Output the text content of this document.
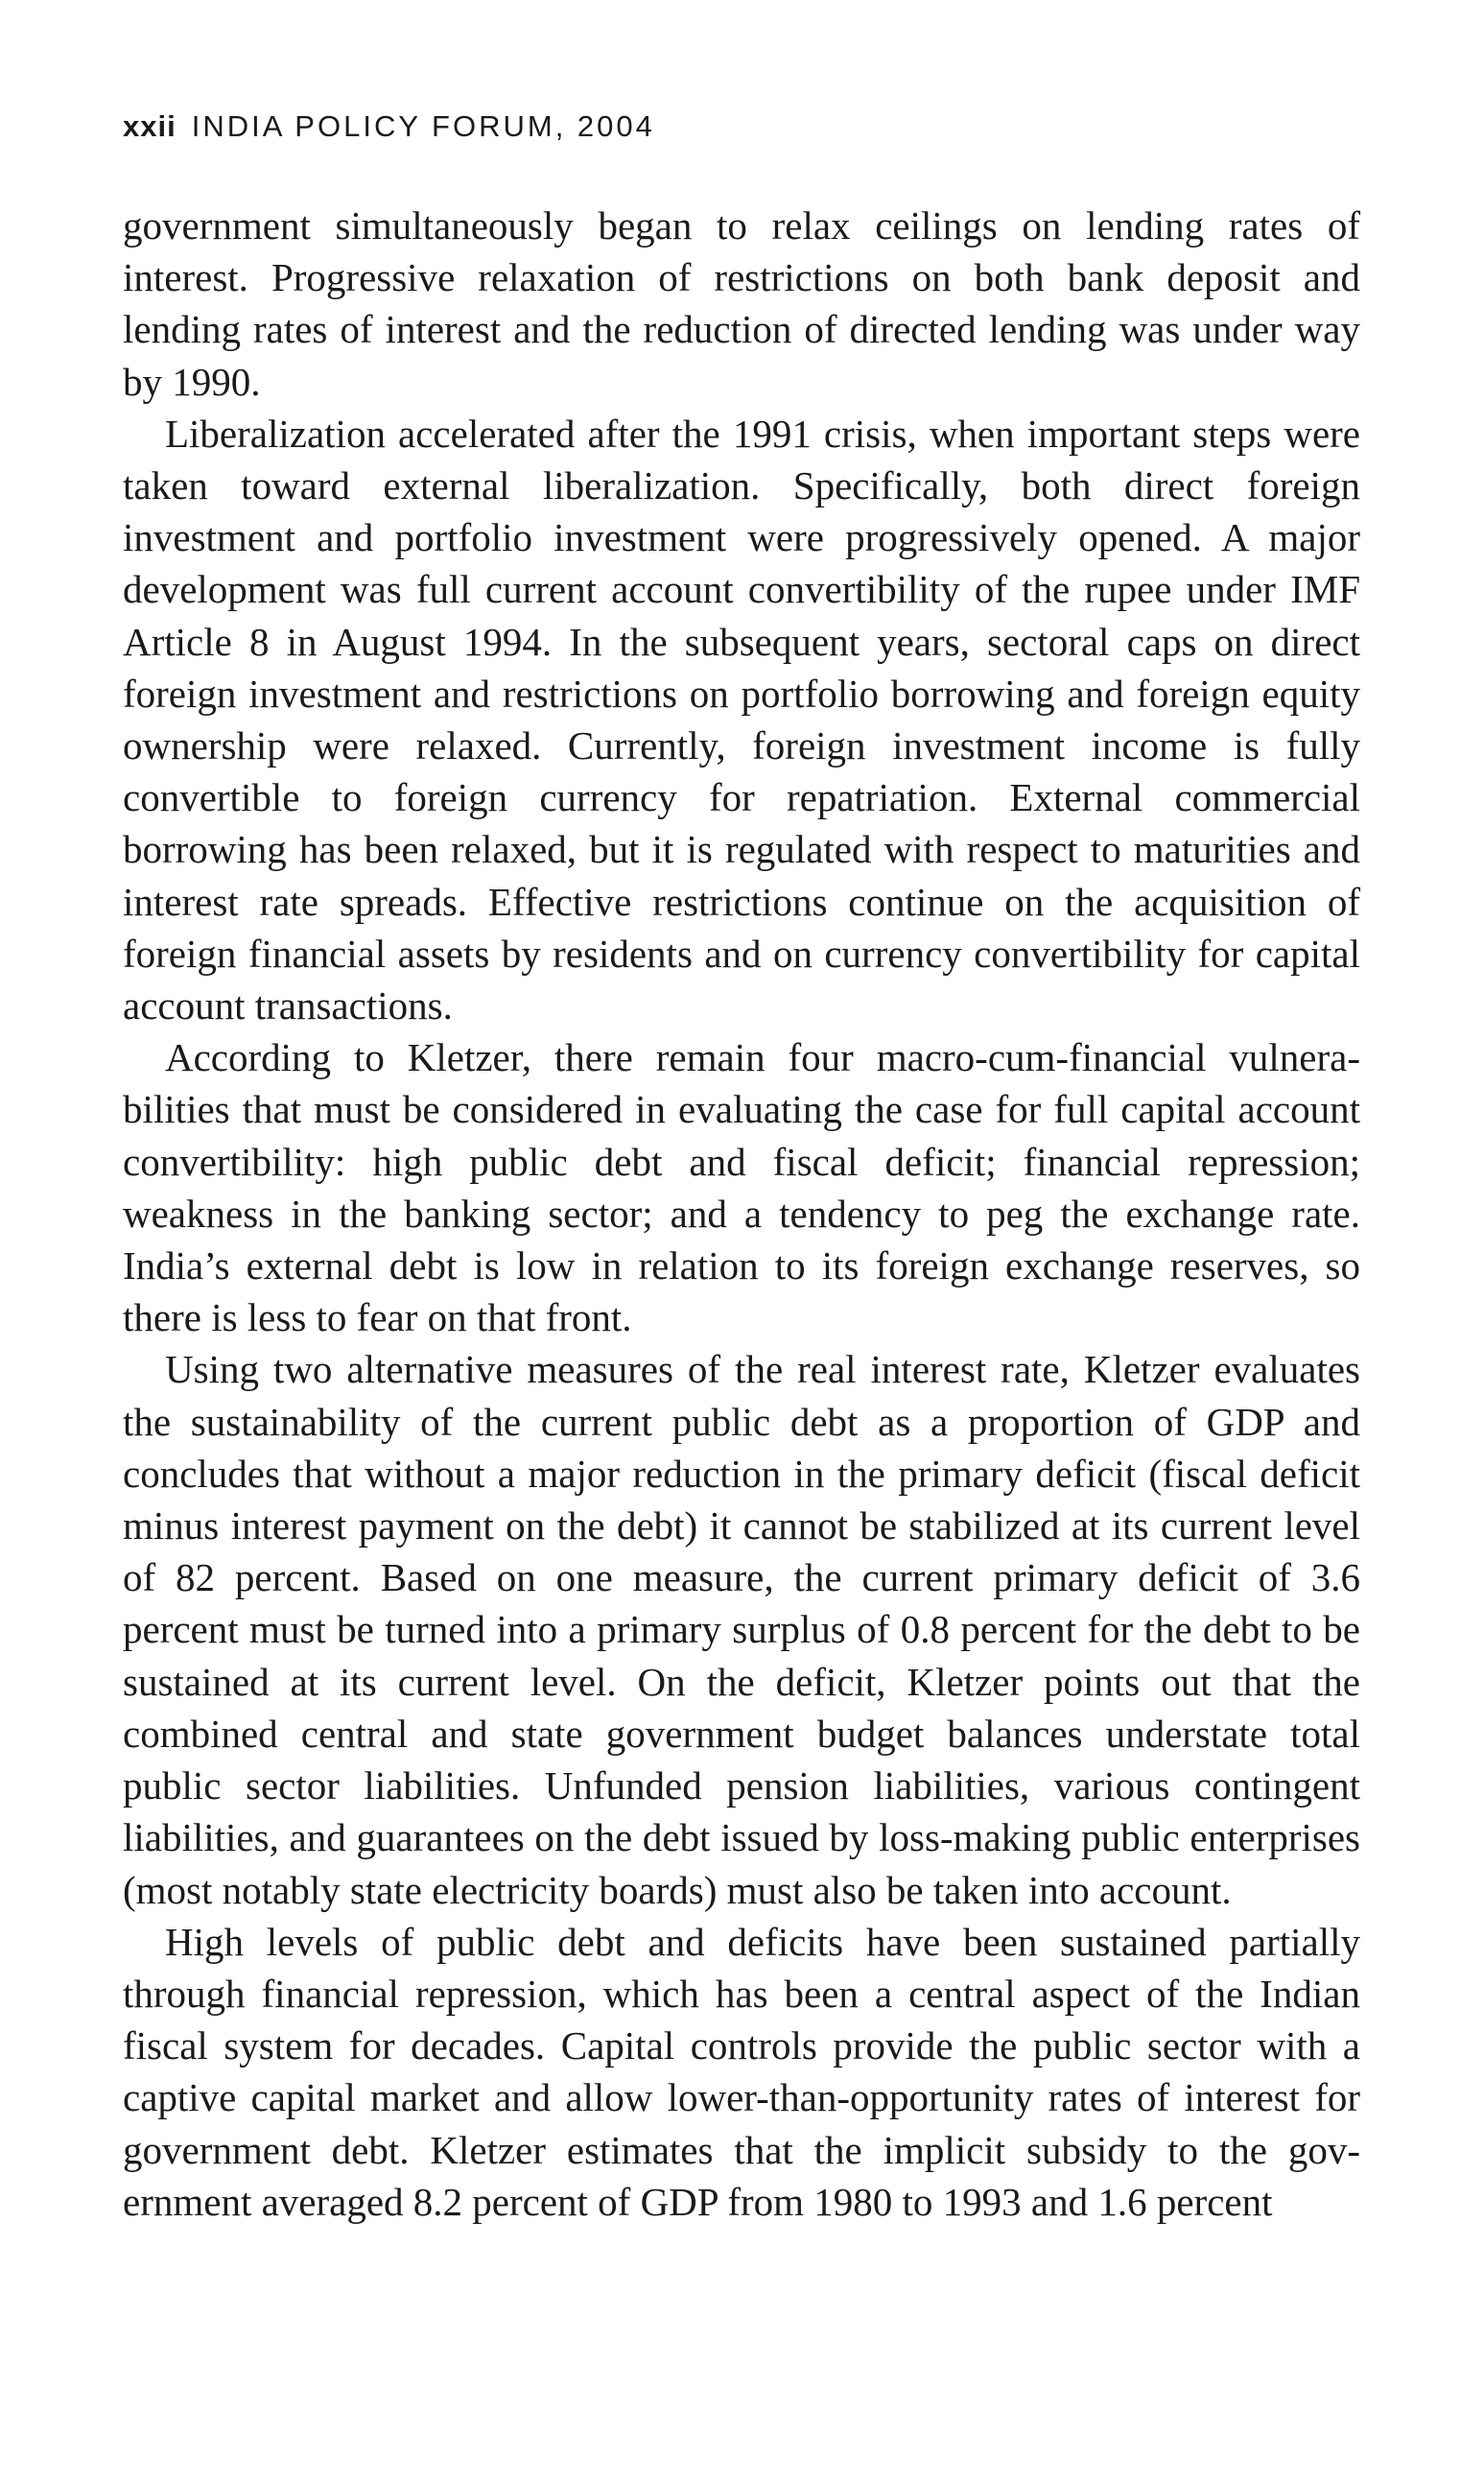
xxii INDIA POLICY FORUM, 2004

government simultaneously began to relax ceilings on lending rates of interest. Progressive relaxation of restrictions on both bank deposit and lending rates of interest and the reduction of directed lending was under way by 1990.

Liberalization accelerated after the 1991 crisis, when important steps were taken toward external liberalization. Specifically, both direct foreign investment and portfolio investment were progressively opened. A major development was full current account convertibility of the rupee under IMF Article 8 in August 1994. In the subsequent years, sectoral caps on direct foreign investment and restrictions on portfolio borrowing and foreign equity ownership were relaxed. Currently, foreign investment income is fully convertible to foreign currency for repatriation. External commercial borrowing has been relaxed, but it is regulated with respect to maturities and interest rate spreads. Effective restrictions continue on the acquisition of foreign financial assets by residents and on currency convertibility for capital account transactions.

According to Kletzer, there remain four macro-cum-financial vulnerabilities that must be considered in evaluating the case for full capital account convertibility: high public debt and fiscal deficit; financial repression; weakness in the banking sector; and a tendency to peg the exchange rate. India’s external debt is low in relation to its foreign exchange reserves, so there is less to fear on that front.

Using two alternative measures of the real interest rate, Kletzer evaluates the sustainability of the current public debt as a proportion of GDP and concludes that without a major reduction in the primary deficit (fiscal deficit minus interest payment on the debt) it cannot be stabilized at its current level of 82 percent. Based on one measure, the current primary deficit of 3.6 percent must be turned into a primary surplus of 0.8 percent for the debt to be sustained at its current level. On the deficit, Kletzer points out that the combined central and state government budget balances understate total public sector liabilities. Unfunded pension liabilities, various contingent liabilities, and guarantees on the debt issued by loss-making public enterprises (most notably state electricity boards) must also be taken into account.

High levels of public debt and deficits have been sustained partially through financial repression, which has been a central aspect of the Indian fiscal system for decades. Capital controls provide the public sector with a captive capital market and allow lower-than-opportunity rates of interest for government debt. Kletzer estimates that the implicit subsidy to the government averaged 8.2 percent of GDP from 1980 to 1993 and 1.6 percent
